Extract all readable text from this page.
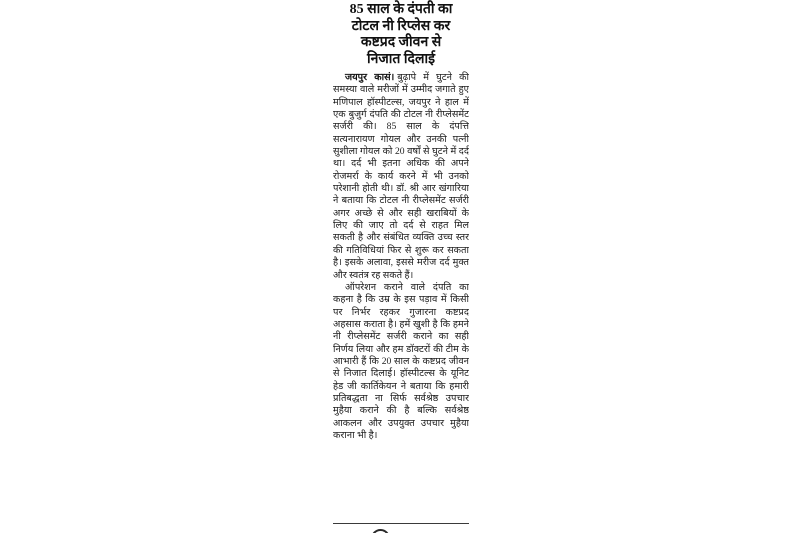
85 साल के दंपती का
टोटल नी रिप्लेस कर
कष्टप्रद जीवन से
निजात दिलाई

जयपुर कासं। बुढ़ापे में घुटने की समस्या वाले मरीजों में उम्मीद जगाते हुए मणिपाल हॉस्पीटल्स, जयपुर ने हाल में एक बुजुर्ग दंपति की टोटल नी रीप्लेसमेंट सर्जरी की। 85 साल के दंपत्ति सत्यनारायण गोयल और उनकी पत्नी सुशीला गोयल को 20 वर्षों से घुटने में दर्द था। दर्द भी इतना अधिक की अपने रोजमर्रा के कार्य करने में भी उनको परेशानी होती थी। डॉ. श्री आर खंगारिया ने बताया कि टोटल नी रीप्लेसमेंट सर्जरी अगर अच्छे से और सही खराबियों के लिए की जाए तो दर्द से राहत मिल सकती है और संबंधित व्यक्ति उच्च स्तर की गतिविधियां फिर से शुरू कर सकता है। इसके अलावा, इससे मरीज दर्द मुक्त और स्वतंत्र रह सकते हैं।

ऑपरेशन कराने वाले दंपति का कहना है कि उम्र के इस पड़ाव में किसी पर निर्भर रहकर गुजारना कष्टप्रद अहसास कराता है। हमें खुशी है कि हमने नी रीप्लेसमेंट सर्जरी कराने का सही निर्णय लिया और हम डॉक्टरों की टीम के आभारी हैं कि 20 साल के कष्टप्रद जीवन से निजात दिलाई। हॉस्पीटल्स के यूनिट हेड जी कार्तिकेयन ने बताया कि हमारी प्रतिबद्धता ना सिर्फ सर्वश्रेष्ठ उपचार मुहैया कराने की है बल्कि सर्वश्रेष्ठ आकलन और उपयुक्त उपचार मुहैया कराना भी है।
